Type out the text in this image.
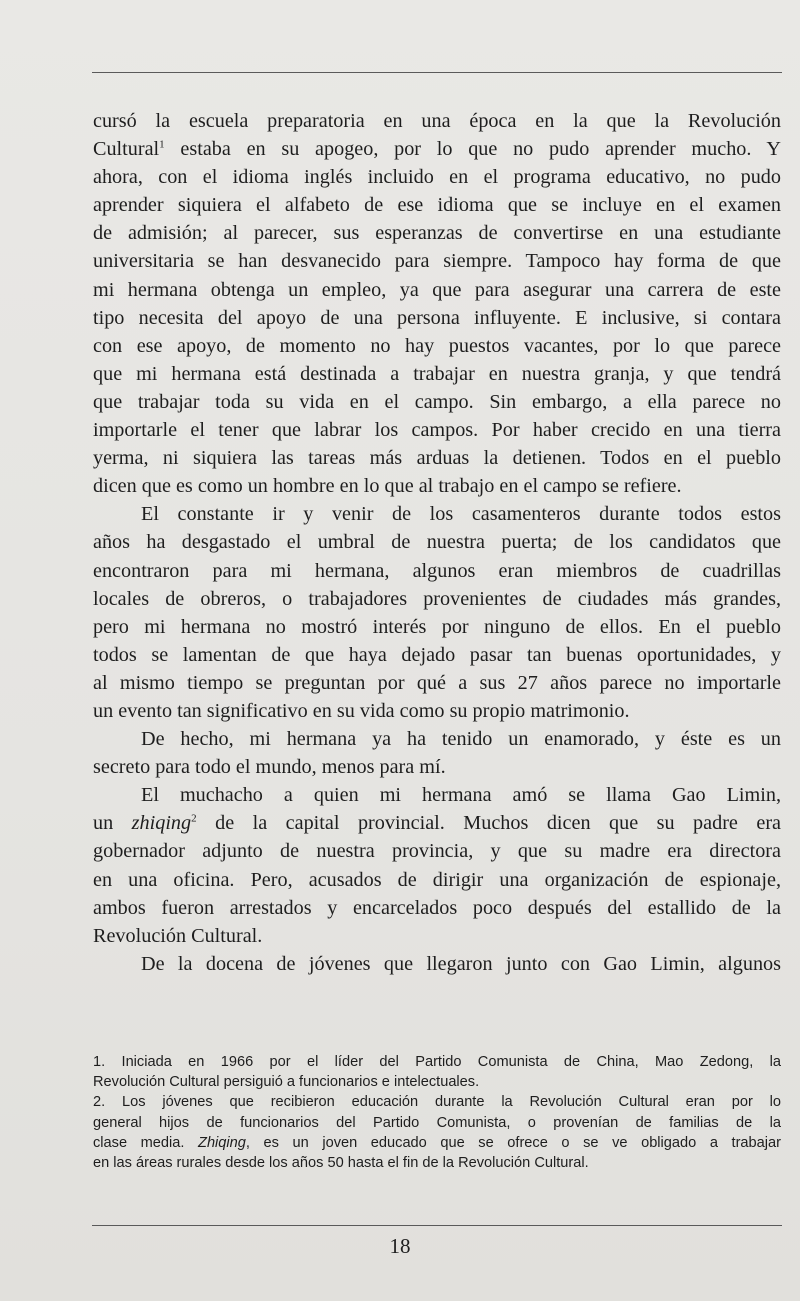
cursó la escuela preparatoria en una época en la que la Revolución
Cultural$^1$ estaba en su apogeo, por lo que no pudo aprender mucho. Y
ahora, con el idioma inglés incluido en el programa educativo, no pudo
aprender siquiera el alfabeto de ese idioma que se incluye en el examen
de admisión; al parecer, sus esperanzas de convertirse en una estudiante
universitaria se han desvanecido para siempre. Tampoco hay forma de que
mi hermana obtenga un empleo, ya que para asegurar una carrera de este
tipo necesita del apoyo de una persona influyente. E inclusive, si contara
con ese apoyo, de momento no hay puestos vacantes, por lo que parece
que mi hermana está destinada a trabajar en nuestra granja, y que tendrá
que trabajar toda su vida en el campo. Sin embargo, a ella parece no
importarle el tener que labrar los campos. Por haber crecido en una tierra
yerma, ni siquiera las tareas más arduas la detienen. Todos en el pueblo
dicen que es como un hombre en lo que al trabajo en el campo se refiere.
El constante ir y venir de los casamenteros durante todos estos
años ha desgastado el umbral de nuestra puerta; de los candidatos que
encontraron para mi hermana, algunos eran miembros de cuadrillas
locales de obreros, o trabajadores provenientes de ciudades más grandes,
pero mi hermana no mostró interés por ninguno de ellos. En el pueblo
todos se lamentan de que haya dejado pasar tan buenas oportunidades, y
al mismo tiempo se preguntan por qué a sus 27 años parece no importarle
un evento tan significativo en su vida como su propio matrimonio.
De hecho, mi hermana ya ha tenido un enamorado, y éste es un
secreto para todo el mundo, menos para mí.
El muchacho a quien mi hermana amó se llama Gao Limin,
un zhiqing$^2$ de la capital provincial. Muchos dicen que su padre era
gobernador adjunto de nuestra provincia, y que su madre era directora
en una oficina. Pero, acusados de dirigir una organización de espionaje,
ambos fueron arrestados y encarcelados poco después del estallido de la
Revolución Cultural.
De la docena de jóvenes que llegaron junto con Gao Limin, algunos
1. Iniciada en 1966 por el líder del Partido Comunista de China, Mao Zedong, la
Revolución Cultural persiguió a funcionarios e intelectuales.
2. Los jóvenes que recibieron educación durante la Revolución Cultural eran por lo
general hijos de funcionarios del Partido Comunista, o provenían de familias de la
clase media. Zhiqing, es un joven educado que se ofrece o se ve obligado a trabajar
en las áreas rurales desde los años 50 hasta el fin de la Revolución Cultural.
18
